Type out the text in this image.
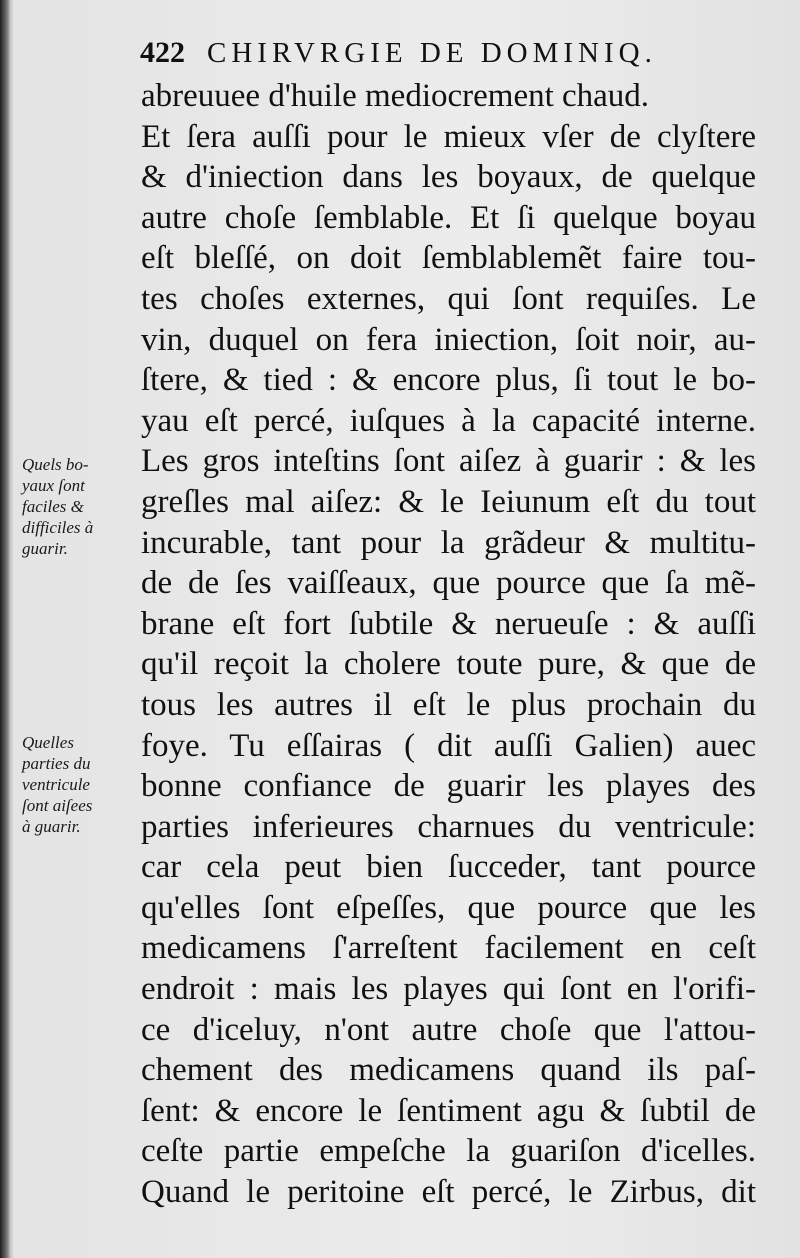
422 CHIRVRGIE DE DOMINIQ.
abreuuee d'huile mediocrement chaud.
Et ſera auſſi pour le mieux vſer de clyſtere
& d'iniection dans les boyaux, de quelque
autre choſe ſemblable. Et ſi quelque boyau
eſt bleſſé, on doit ſemblablemẽt faire tou-
tes choſes externes, qui ſont requiſes. Le
vin, duquel on fera iniection, ſoit noir, au-
ſtere, & tied : & encore plus, ſi tout le bo-
yau eſt percé, iuſques à la capacité interne.
Les gros inteſtins ſont aiſez à guarir : & les
greſles mal aiſez: & le Ieiunum eſt du tout
incurable, tant pour la grãdeur & multitu-
de de ſes vaiſſeaux, que pource que ſa mẽ-
brane eſt fort ſubtile & nerueuſe : & auſſi
qu'il reçoit la cholere toute pure, & que de
tous les autres il eſt le plus prochain du
foye. Tu eſſairas ( dit auſſi Galien) auec
bonne confiance de guarir les playes des
parties inferieures charnues du ventricule:
car cela peut bien ſucceder, tant pource
qu'elles ſont eſpeſſes, que pource que les
medicamens ſ'arreſtent facilement en ceſt
endroit : mais les playes qui ſont en l'orifi-
ce d'iceluy, n'ont autre choſe que l'attou-
chement des medicamens quand ils paſ-
ſent: & encore le ſentiment agu & ſubtil de
ceſte partie empeſche la guariſon d'icelles.
Quand le peritoine eſt percé, le Zirbus, dit
Quels bo-
yaux ſont
faciles &
difficiles à
guarir.
Quelles
parties du
ventricule
ſont aiſees
à guarir.
